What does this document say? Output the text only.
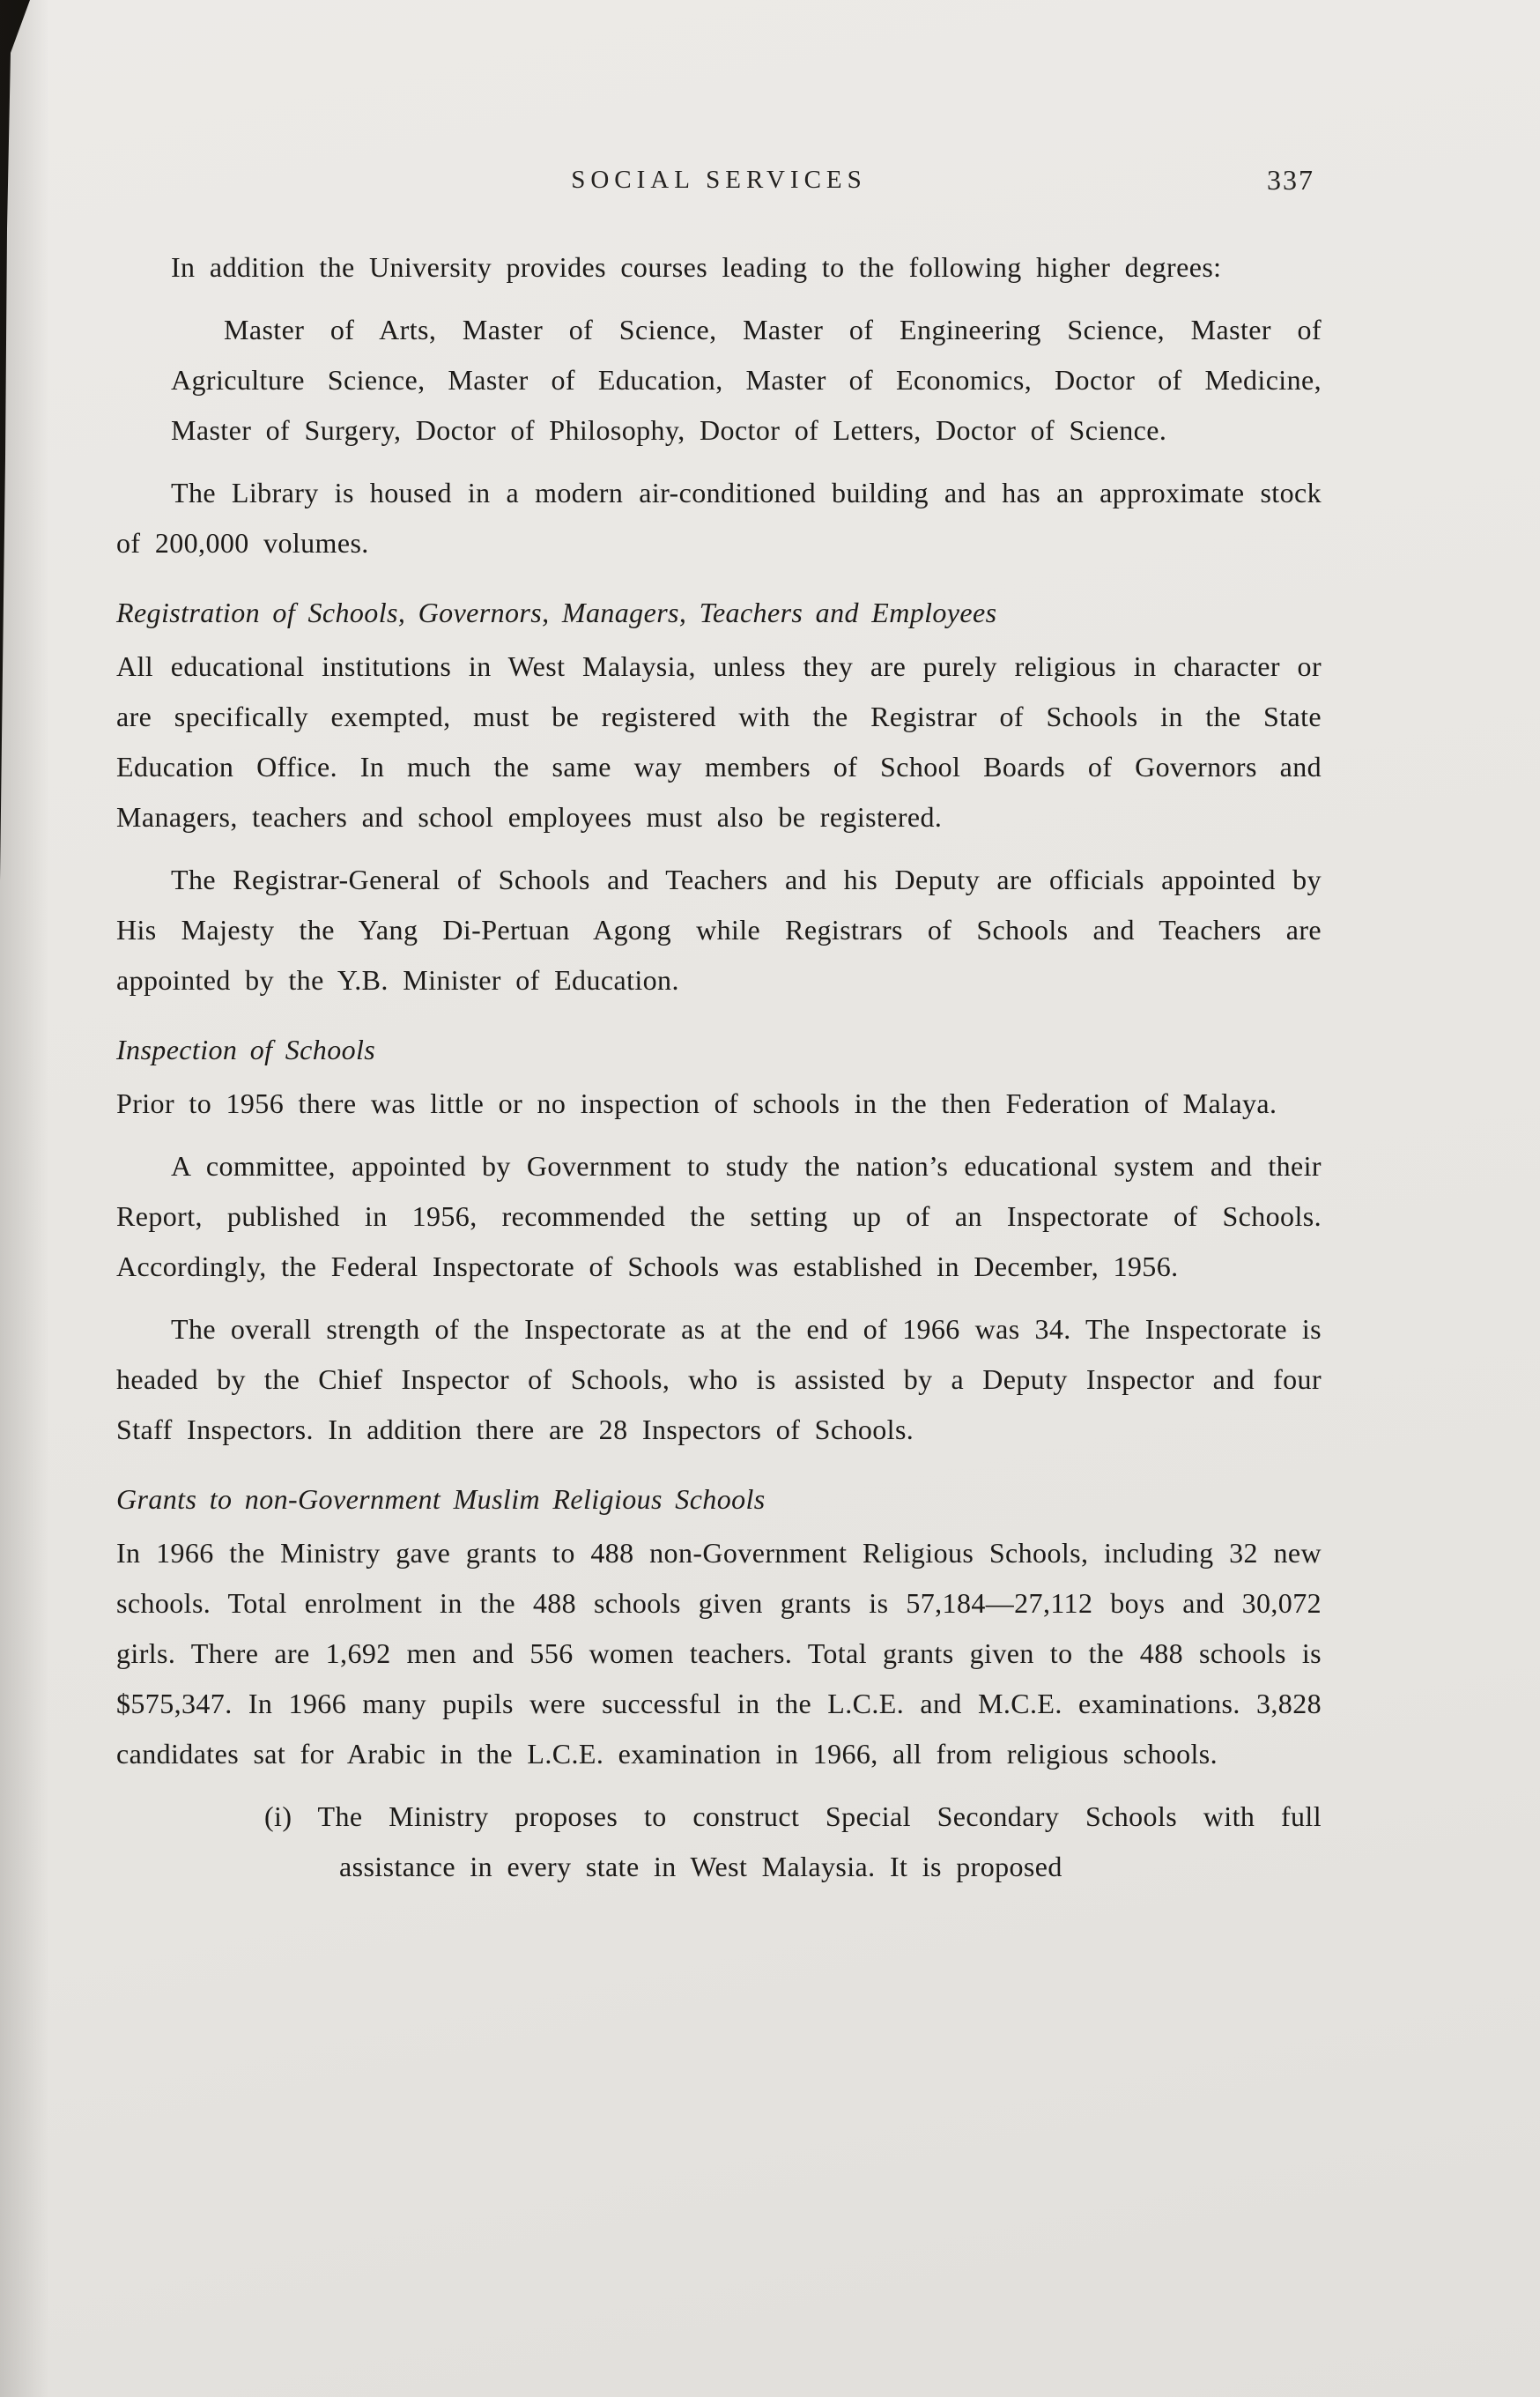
SOCIAL SERVICES	337

In addition the University provides courses leading to the following higher degrees:

Master of Arts, Master of Science, Master of Engineering Science, Master of Agriculture Science, Master of Education, Master of Economics, Doctor of Medicine, Master of Surgery, Doctor of Philosophy, Doctor of Letters, Doctor of Science.

The Library is housed in a modern air-conditioned building and has an approximate stock of 200,000 volumes.

Registration of Schools, Governors, Managers, Teachers and Employees

All educational institutions in West Malaysia, unless they are purely religious in character or are specifically exempted, must be registered with the Registrar of Schools in the State Education Office. In much the same way members of School Boards of Governors and Managers, teachers and school employees must also be registered.

The Registrar-General of Schools and Teachers and his Deputy are officials appointed by His Majesty the Yang Di-Pertuan Agong while Registrars of Schools and Teachers are appointed by the Y.B. Minister of Education.

Inspection of Schools

Prior to 1956 there was little or no inspection of schools in the then Federation of Malaya.

A committee, appointed by Government to study the nation’s educational system and their Report, published in 1956, recommended the setting up of an Inspectorate of Schools. Accordingly, the Federal Inspectorate of Schools was established in December, 1956.

The overall strength of the Inspectorate as at the end of 1966 was 34. The Inspectorate is headed by the Chief Inspector of Schools, who is assisted by a Deputy Inspector and four Staff Inspectors. In addition there are 28 Inspectors of Schools.

Grants to non-Government Muslim Religious Schools

In 1966 the Ministry gave grants to 488 non-Government Religious Schools, including 32 new schools. Total enrolment in the 488 schools given grants is 57,184—27,112 boys and 30,072 girls. There are 1,692 men and 556 women teachers. Total grants given to the 488 schools is $575,347. In 1966 many pupils were successful in the L.C.E. and M.C.E. examinations. 3,828 candidates sat for Arabic in the L.C.E. examination in 1966, all from religious schools.

(i) The Ministry proposes to construct Special Secondary Schools with full assistance in every state in West Malaysia. It is proposed
